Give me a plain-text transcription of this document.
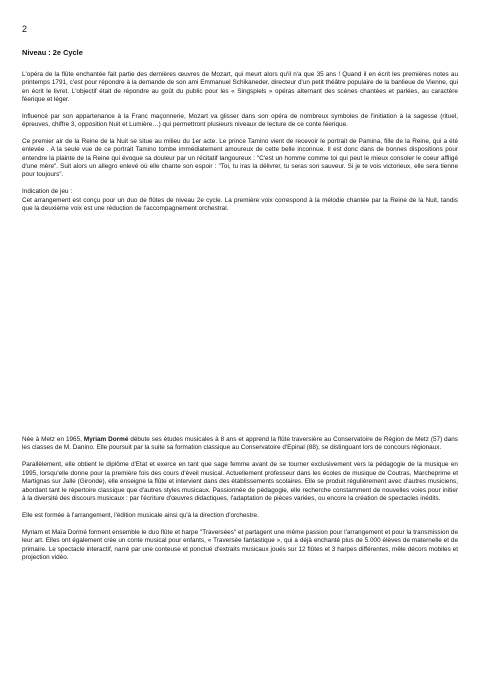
2
Niveau : 2e Cycle

L'opéra de la flûte enchantée fait partie des dernières œuvres de Mozart, qui meurt alors qu'il n'a que 35 ans ! Quand il en écrit les premières notes au printemps 1791, c'est pour répondre à la demande de son ami Emmanuel Schikaneder, directeur d'un petit théâtre populaire de la banlieue de Vienne, qui en écrit le livret. L'objectif était de répondre au goût du public pour les « Singspiels » opéras alternant des scènes chantées et parlées, au caractère féerique et léger.

Influencé par son appartenance à la Franc maçonnerie, Mozart va glisser dans son opéra de nombreux symboles de l'initiation à la sagesse (rituel, épreuves, chiffre 3, opposition Nuit et Lumière…) qui permettront plusieurs niveaux de lecture de ce conte féerique.

Ce premier air de la Reine de la Nuit se situe au milieu du 1er acte. Le prince Tamino vient de recevoir le portrait de Pamina, fille de la Reine, qui a été enlevée . A la seule vue de ce portrait Tamino tombe immédiatement amoureux de cette belle inconnue. Il est donc dans de bonnes dispositions pour entendre la plainte de la Reine qui évoque sa douleur par un récitatif langoureux : "C'est un homme comme toi qui peut le mieux consoler le coeur affligé d'une mère". Suit alors un allegro enlevé où elle chante son espoir : "Toi, tu iras la délivrer, tu seras son sauveur. Si je te vois victorieux, elle sera tienne pour toujours".

Indication de jeu :
Cet arrangement est conçu pour un duo de flûtes de niveau 2e cycle. La première voix correspond à la mélodie chantée par la Reine de la Nuit, tandis que la deuxième voix est une réduction de l'accompagnement orchestral.

Née à Metz en 1965, Myriam Dormé débute ses études musicales à 8 ans et apprend la flûte traversière au Conservatoire de Région de Metz (57) dans les classes de M. Danino. Elle poursuit par la suite sa formation classique au Conservatoire d'Epinal (88), se distinguant lors de concours régionaux.

Parallèlement, elle obtient le diplôme d'Etat et exerce en tant que sage femme avant de se tourner exclusivement vers la pédagogie de la musique en 1995, lorsqu'elle donne pour la première fois des cours d'éveil musical. Actuellement professeur dans les écoles de musique de Coutras, Marcheprime et Martignas sur Jalle (Gironde), elle enseigne la flûte et intervient dans des établissements scolaires. Elle se produit régulièrement avec d'autres musiciens, abordant tant le répertoire classique que d'autres styles musicaux. Passionnée de pédagogie, elle recherche constamment de nouvelles voies pour initier à la diversité des discours musicaux : par l'écriture d'œuvres didactiques, l'adaptation de pièces variées, ou encore la création de spectacles inédits.

Elle est formée à l'arrangement, l'édition musicale ainsi qu'à la direction d'orchestre.

Myriam et Maïa Dormé forment ensemble le duo flûte et harpe "Traversées" et partagent une même passion pour l'arrangement et pour la transmission de leur art. Elles ont également crée un conte musical pour enfants, « Traversée fantastique », qui a déjà enchanté plus de 5.000 élèves de maternelle et de primaire. Le spectacle interactif, narré par une conteuse et ponctué d'extraits musicaux joués sur 12 flûtes et 3 harpes différentes, mêle décors mobiles et projection vidéo.
